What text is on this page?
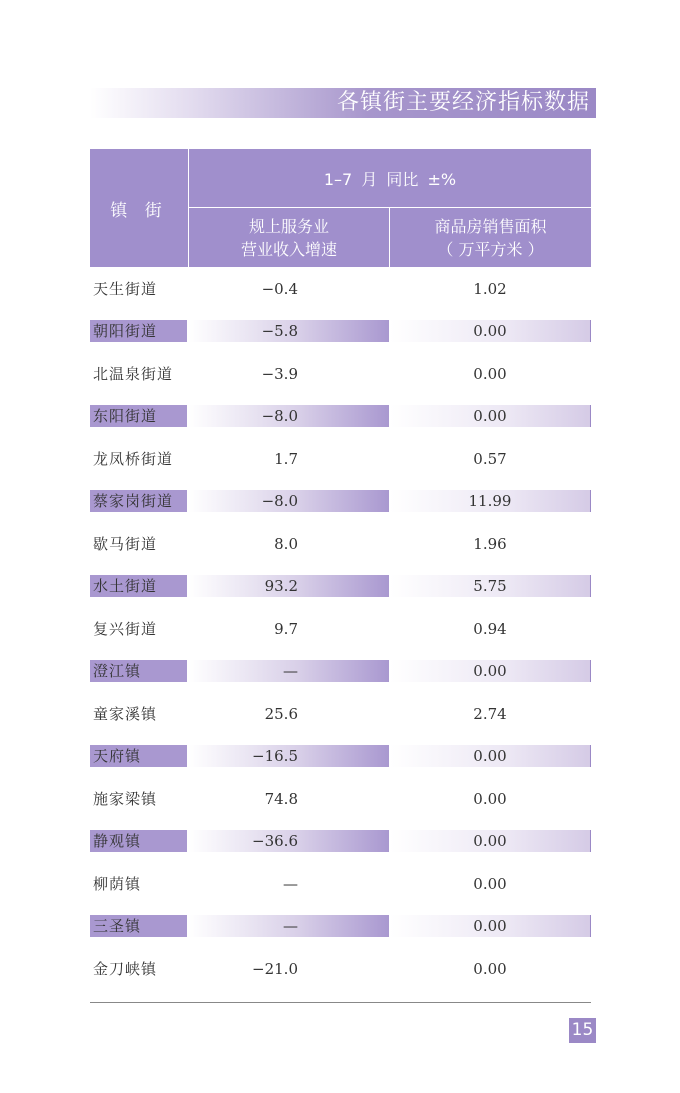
各镇街主要经济指标数据
镇 街
1–7 月 同比 ±%
规上服务业
营业收入增速
商品房销售面积
（ 万平方米 ）
天生街道	−0.4	1.02
朝阳街道	−5.8	0.00
北温泉街道	−3.9	0.00
东阳街道	−8.0	0.00
龙凤桥街道	1.7	0.57
蔡家岗街道	−8.0	11.99
歇马街道	8.0	1.96
水土街道	93.2	5.75
复兴街道	9.7	0.94
澄江镇	—	0.00
童家溪镇	25.6	2.74
天府镇	−16.5	0.00
施家梁镇	74.8	0.00
静观镇	−36.6	0.00
柳荫镇	—	0.00
三圣镇	—	0.00
金刀峡镇	−21.0	0.00
15
